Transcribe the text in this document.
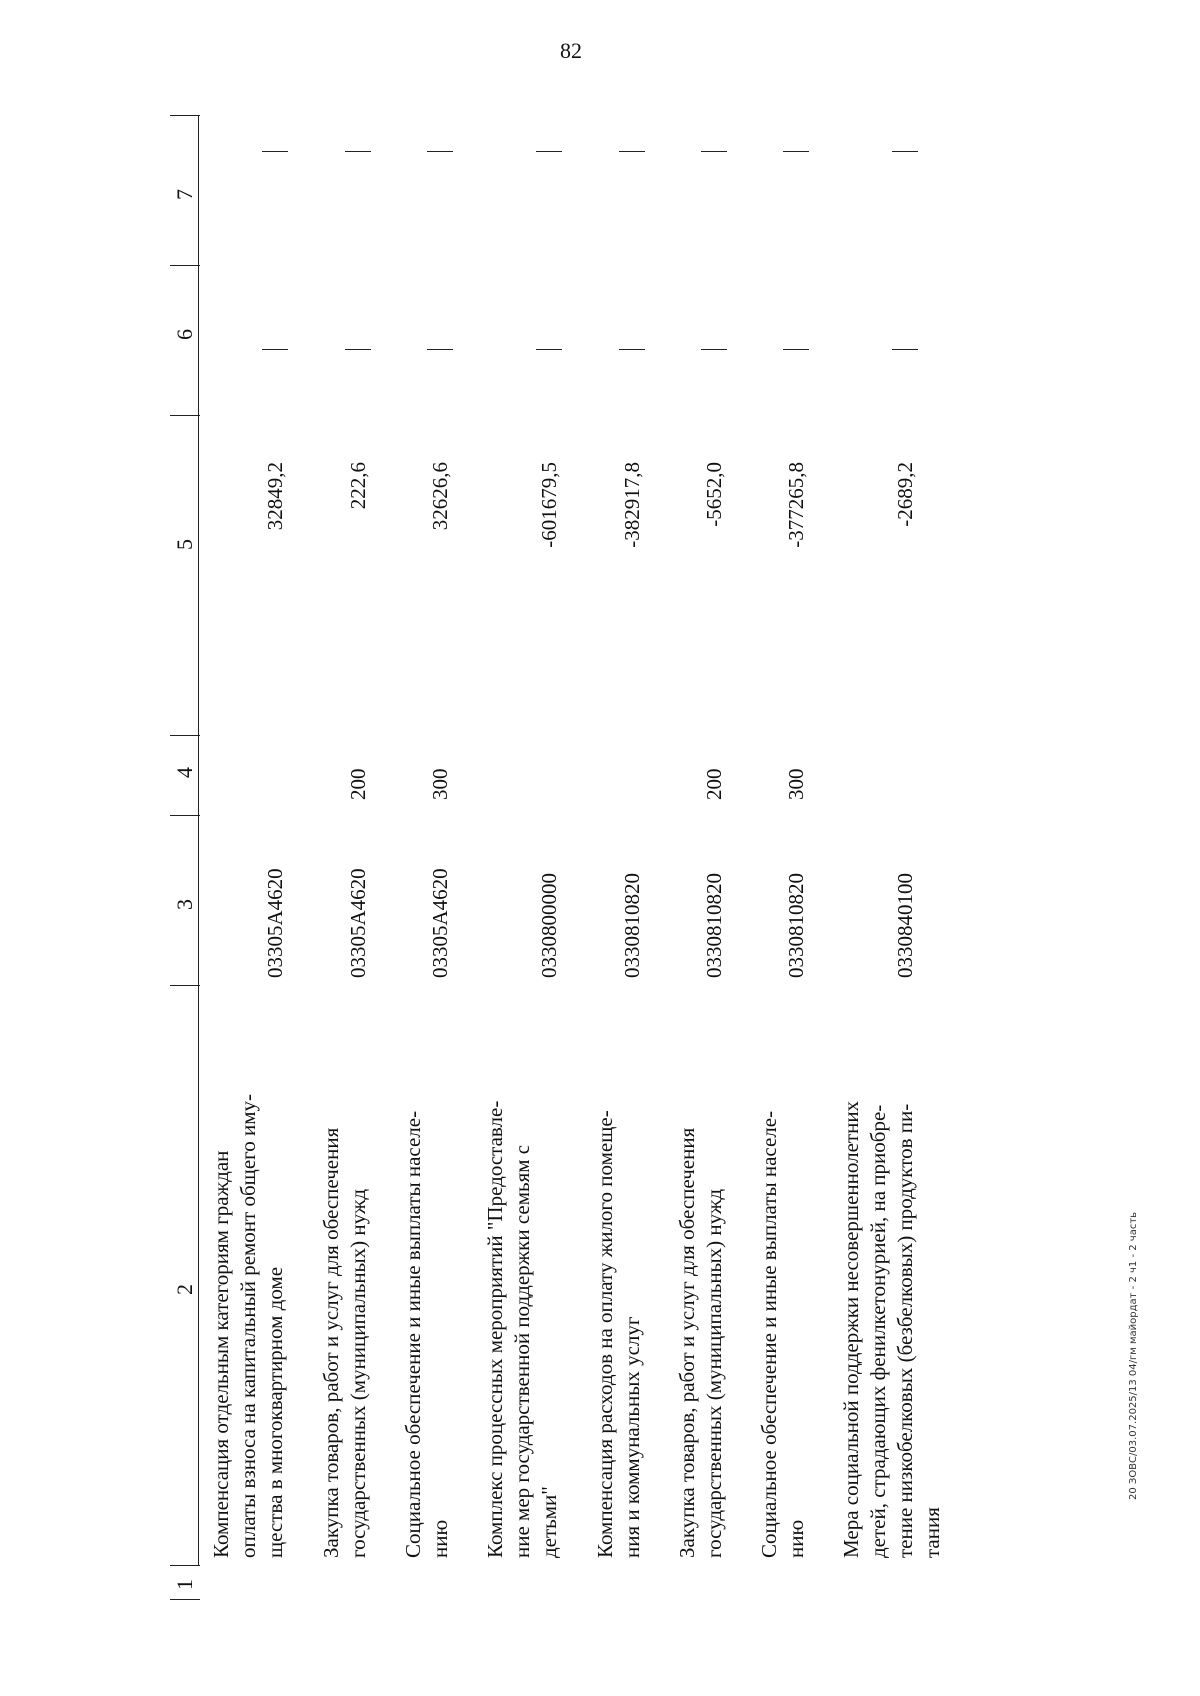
82
1
2
3
4
5
6
7
Компенсация отдельным категориям граждан оплаты взноса на капитальный ремонт общего иму- щества в многоквартирном доме
03305А4620
32849,2
Закупка товаров, работ и услуг для обеспечения государственных (муниципальных) нужд
03305А4620
200
222,6
Социальное обеспечение и иные выплаты населе- нию
03305А4620
300
32626,6
Комплекс процессных мероприятий "Предоставле- ние мер государственной поддержки семьям с детьми"
0330800000
-601679,5
Компенсация расходов на оплату жилого помеще- ния и коммунальных услуг
0330810820
-382917,8
Закупка товаров, работ и услуг для обеспечения государственных (муниципальных) нужд
0330810820
200
-5652,0
Социальное обеспечение и иные выплаты населе- нию
0330810820
300
-377265,8
Мера социальной поддержки несовершеннолетних детей, страдающих фенилкетонурией, на приобре- тение низкобелковых (безбелковых) продуктов пи- тания
0330840100
-2689,2
20 ЗОВС/03.07.2025/13 04/гм майордат - 2 ч1 - 2 часть
